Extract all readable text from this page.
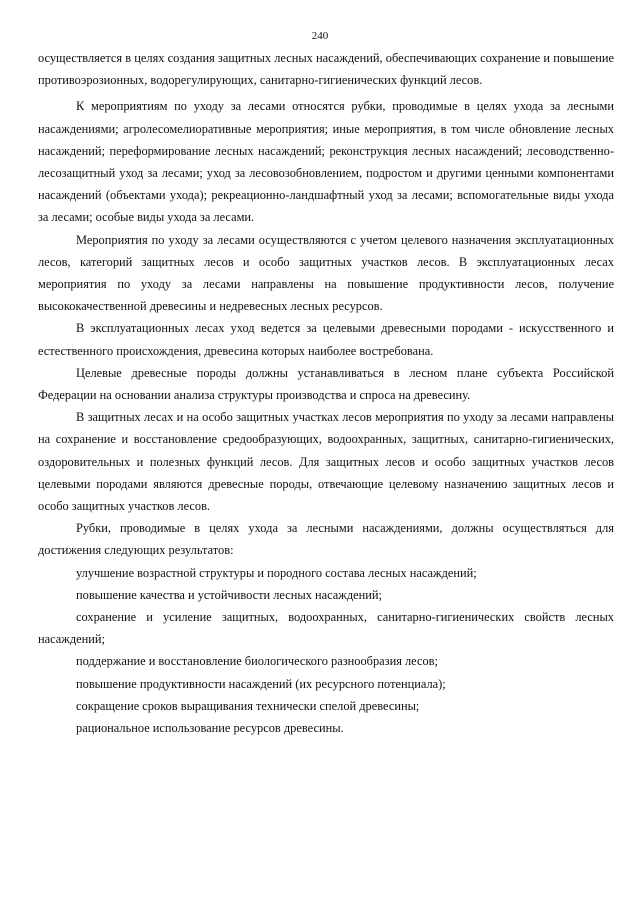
240

осуществляется в целях создания защитных лесных насаждений, обеспечивающих сохранение и повышение противоэрозионных, водорегулирующих, санитарно-гигиенических функций лесов.

К мероприятиям по уходу за лесами относятся рубки, проводимые в целях ухода за лесными насаждениями; агролесомелиоративные мероприятия; иные мероприятия, в том числе обновление лесных насаждений; переформирование лесных насаждений; реконструкция лесных насаждений; лесоводственно-лесозащитный уход за лесами; уход за лесовозобновлением, подростом и другими ценными компонентами насаждений (объектами ухода); рекреационно-ландшафтный уход за лесами; вспомогательные виды ухода за лесами; особые виды ухода за лесами.

Мероприятия по уходу за лесами осуществляются с учетом целевого назначения эксплуатационных лесов, категорий защитных лесов и особо защитных участков лесов. В эксплуатационных лесах мероприятия по уходу за лесами направлены на повышение продуктивности лесов, получение высококачественной древесины и недревесных лесных ресурсов.

В эксплуатационных лесах уход ведется за целевыми древесными породами - искусственного и естественного происхождения, древесина которых наиболее востребована.

Целевые древесные породы должны устанавливаться в лесном плане субъекта Российской Федерации на основании анализа структуры производства и спроса на древесину.

В защитных лесах и на особо защитных участках лесов мероприятия по уходу за лесами направлены на сохранение и восстановление средообразующих, водоохранных, защитных, санитарно-гигиенических, оздоровительных и полезных функций лесов. Для защитных лесов и особо защитных участков лесов целевыми породами являются древесные породы, отвечающие целевому назначению защитных лесов и особо защитных участков лесов.

Рубки, проводимые в целях ухода за лесными насаждениями, должны осуществляться для достижения следующих результатов:

улучшение возрастной структуры и породного состава лесных насаждений;

повышение качества и устойчивости лесных насаждений;

сохранение и усиление защитных, водоохранных, санитарно-гигиенических свойств лесных насаждений;

поддержание и восстановление биологического разнообразия лесов;

повышение продуктивности насаждений (их ресурсного потенциала);

сокращение сроков выращивания технически спелой древесины;

рациональное использование ресурсов древесины.
